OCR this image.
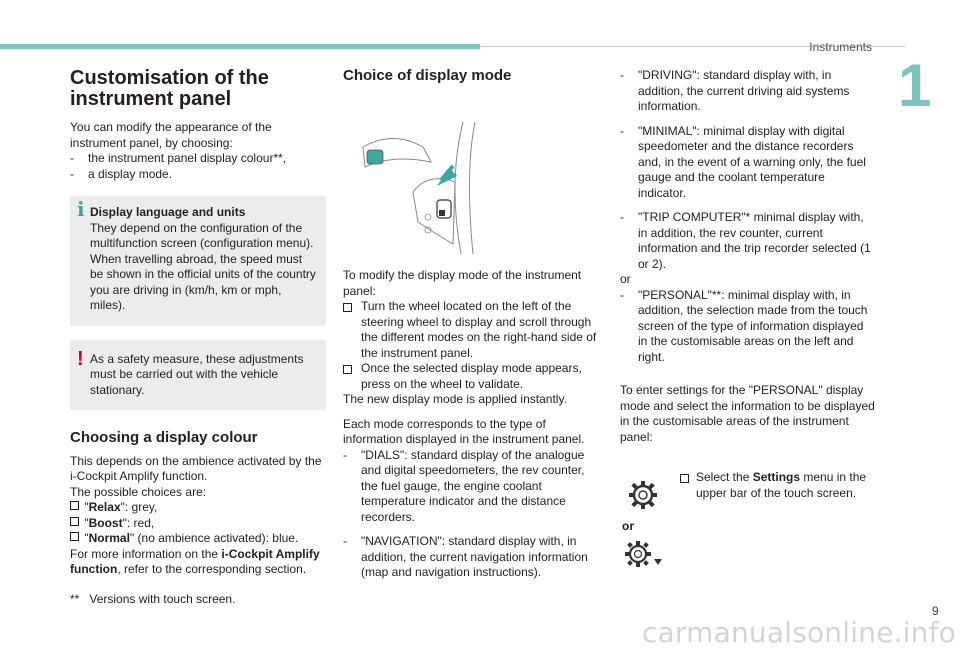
Instruments
1
Customisation of the
instrument panel

You can modify the appearance of the instrument panel, by choosing:

- the instrument panel display colour**,
- a display mode.
i Display language and units

They depend on the configuration of the multifunction screen (configuration menu). When travelling abroad, the speed must be shown in the official units of the country you are driving in (km/h, km or mph, miles).

! As a safety measure, these adjustments must be carried out with the vehicle stationary.

Choosing a display colour

This depends on the ambience activated by the i-Cockpit Amplify function.

The possible choices are:

"Relax": grey,
"Boost": red,
"Normal" (no ambience activated): blue.

For more information on the i-Cockpit Amplify function, refer to the corresponding section.

** Versions with touch screen.
Choice of display mode

To modify the display mode of the instrument panel:

Turn the wheel located on the left of the steering wheel to display and scroll through the different modes on the right-hand side of the instrument panel.
Once the selected display mode appears, press on the wheel to validate.

The new display mode is applied instantly.

Each mode corresponds to the type of information displayed in the instrument panel.

- "DIALS": standard display of the analogue and digital speedometers, the rev counter, the fuel gauge, the engine coolant temperature indicator and the distance recorders.
- "NAVIGATION": standard display with, in addition, the current navigation information (map and navigation instructions).
- "DRIVING": standard display with, in addition, the current driving aid systems information.
- "MINIMAL": minimal display with digital speedometer and the distance recorders and, in the event of a warning only, the fuel gauge and the coolant temperature indicator.
- "TRIP COMPUTER"* minimal display with, in addition, the rev counter, current information and the trip recorder selected (1 or 2).

or

- "PERSONAL"**: minimal display with, in addition, the selection made from the touch screen of the type of information displayed in the customisable areas on the left and right.

To enter settings for the "PERSONAL" display mode and select the information to be displayed in the customisable areas of the instrument panel:

Select the Settings menu in the upper bar of the touch screen.
or
9
carmanualsonline.info
